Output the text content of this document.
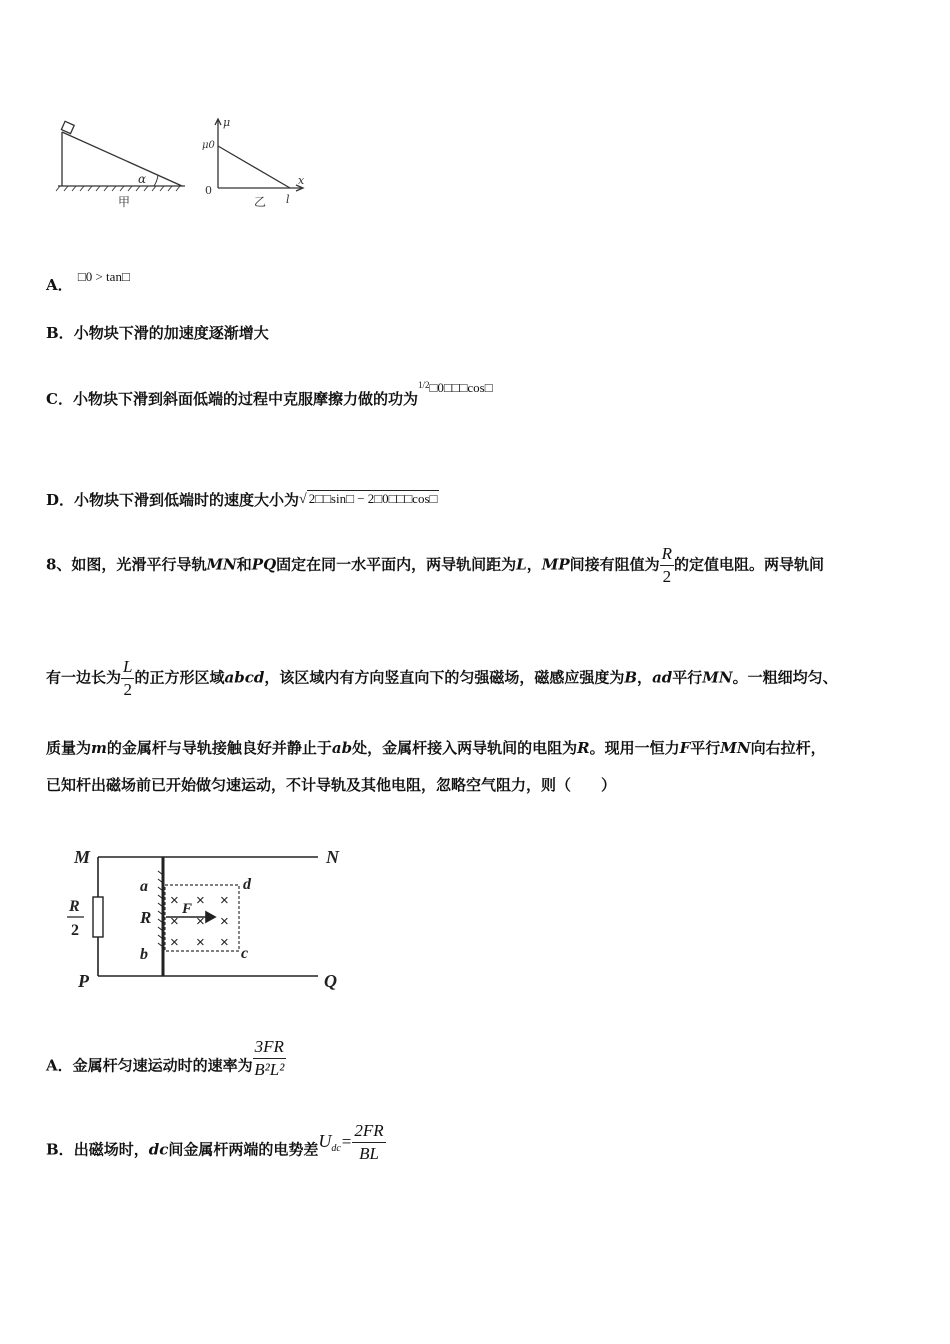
α
甲
μ
μ0
0
x
l
乙
A． □0 > tan□
B．小物块下滑的加速度逐渐增大
C．小物块下滑到斜面低端的过程中克服摩擦力做的功为$^{1/2}$□0□□□cos□
D．小物块下滑到低端时的速度大小为√ 2□□sin□ − 2□0□□□cos□
8、如图，光滑平行导轨MN和PQ固定在同一水平面内，两导轨间距为L，MP间接有阻值为 $\frac{R}{2}$ 的定值电阻。两导轨间
有一边长为 $\frac{L}{2}$ 的正方形区域abcd，该区域内有方向竖直向下的匀强磁场，磁感应强度为B，ad平行MN。一粗细均匀、
质量为m的金属杆与导轨接触良好并静止于ab处，金属杆接入两导轨间的电阻为R。现用一恒力F平行MN向右拉杆，
已知杆出磁场前已开始做匀速运动，不计导轨及其他电阻，忽略空气阻力，则（　　）
× × ×
× × ×
× × ×
M	N
P	Q
a
R
b
d
c
F
R
2
A．金属杆匀速运动时的速率为 $\frac{3FR}{\text{B²L²}}$
B．出磁场时，dc间金属杆两端的电势差$U^{dc}= \frac{2FR}{BL}$
